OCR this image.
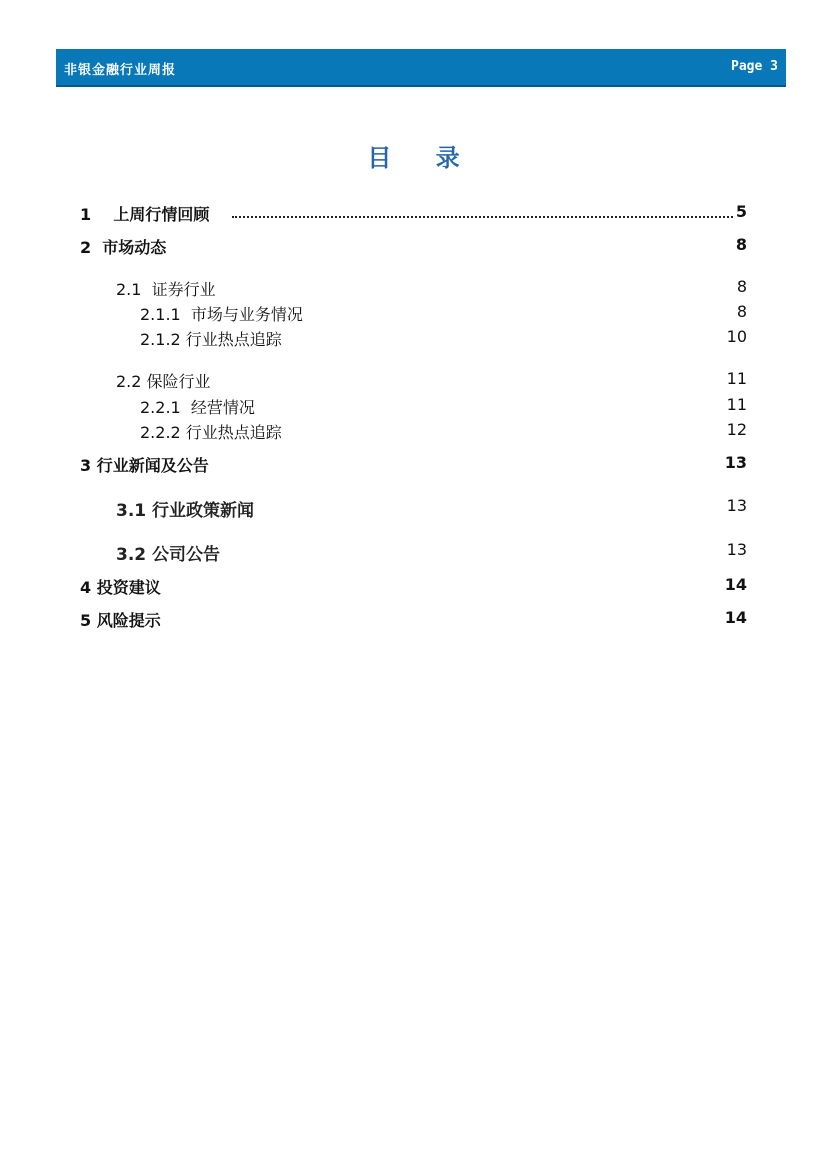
非银金融行业周报	Page 3
目 录
1    上周行情回顾	5
2  市场动态	8
2.1  证券行业	8
2.1.1  市场与业务情况	8
2.1.2 行业热点追踪	10
2.2 保险行业	11
2.2.1  经营情况	11
2.2.2 行业热点追踪	12
3 行业新闻及公告	13
3.1 行业政策新闻	13
3.2 公司公告	13
4 投资建议	14
5 风险提示	14
